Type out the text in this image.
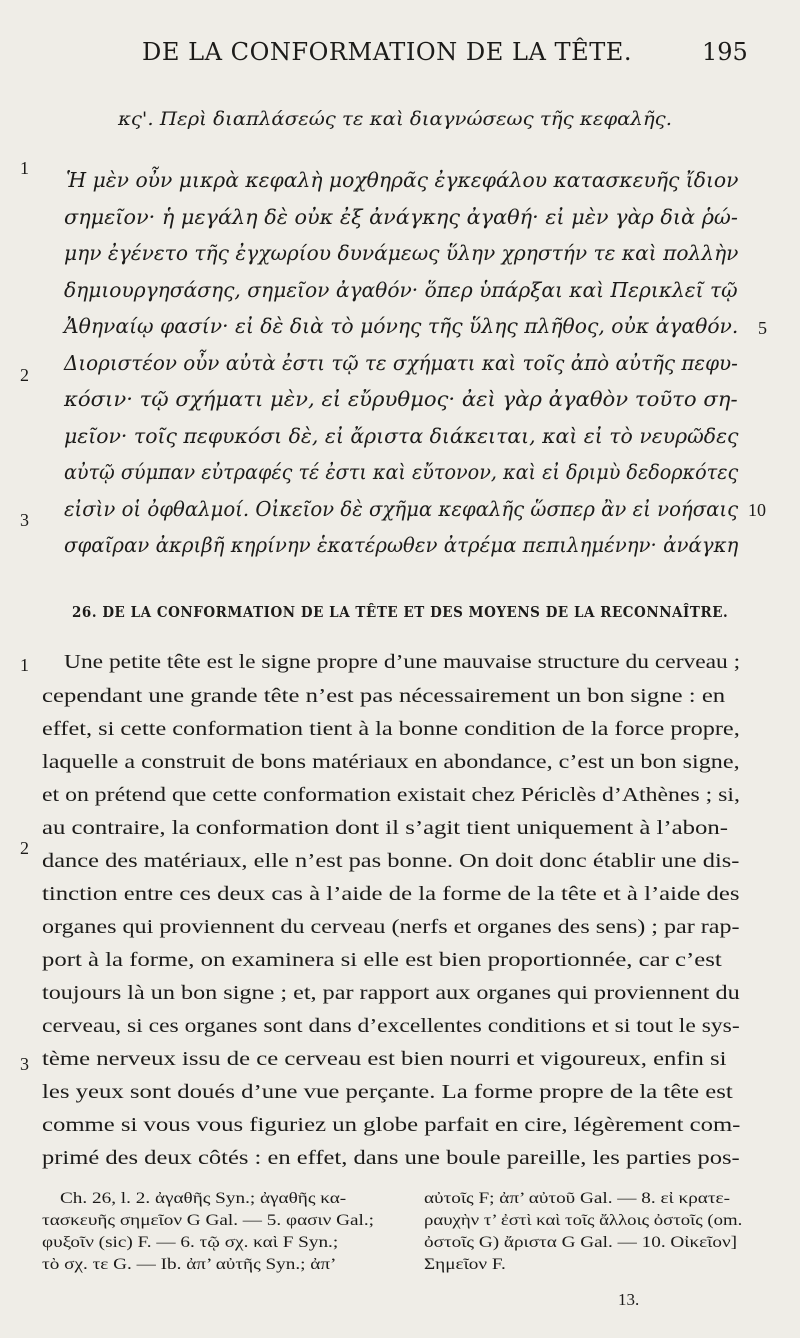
DE LA CONFORMATION DE LA TÊTE.	195
κς'. Περὶ διαπλάσεώς τε καὶ διαγνώσεως τῆς κεφαλῆς.
Ἡ μὲν οὖν μικρὰ κεφαλὴ μοχθηρᾶς ἐγκεφάλου κατασκευῆς ἴδιον
σημεῖον· ἡ μεγάλη δὲ οὐκ ἐξ ἀνάγκης ἀγαθή· εἰ μὲν γὰρ διὰ ῥώ-
μην ἐγένετο τῆς ἐγχωρίου δυνάμεως ὕλην χρηστήν τε καὶ πολλὴν
δημιουργησάσης, σημεῖον ἀγαθόν· ὅπερ ὑπάρξαι καὶ Περικλεῖ τῷ
Ἀθηναίῳ φασίν· εἰ δὲ διὰ τὸ μόνης τῆς ὕλης πλῆθος, οὐκ ἀγαθόν.
Διοριστέον οὖν αὐτὰ ἐστι τῷ τε σχήματι καὶ τοῖς ἀπὸ αὐτῆς πεφυ-
κόσιν· τῷ σχήματι μὲν, εἰ εὔρυθμος· ἀεὶ γὰρ ἀγαθὸν τοῦτο ση-
μεῖον· τοῖς πεφυκόσι δὲ, εἰ ἄριστα διάκειται, καὶ εἰ τὸ νευρῶδες
αὐτῷ σύμπαν εὐτραφές τέ ἐστι καὶ εὔτονον, καὶ εἰ δριμὺ δεδορκότες
εἰσὶν οἱ ὀφθαλμοί. Οἰκεῖον δὲ σχῆμα κεφαλῆς ὥσπερ ἂν εἰ νοήσαις
σφαῖραν ἀκριβῆ κηρίνην ἑκατέρωθεν ἀτρέμα πεπιλημένην· ἀνάγκη
1
2
3
5
10
26. DE LA CONFORMATION DE LA TÊTE ET DES MOYENS DE LA RECONNAÎTRE.
Une petite tête est le signe propre d’une mauvaise structure du cerveau ;
cependant une grande tête n’est pas nécessairement un bon signe : en
effet, si cette conformation tient à la bonne condition de la force propre,
laquelle a construit de bons matériaux en abondance, c’est un bon signe,
et on prétend que cette conformation existait chez Périclès d’Athènes ; si,
au contraire, la conformation dont il s’agit tient uniquement à l’abon-
dance des matériaux, elle n’est pas bonne. On doit donc établir une dis-
tinction entre ces deux cas à l’aide de la forme de la tête et à l’aide des
organes qui proviennent du cerveau (nerfs et organes des sens) ; par rap-
port à la forme, on examinera si elle est bien proportionnée, car c’est
toujours là un bon signe ; et, par rapport aux organes qui proviennent du
cerveau, si ces organes sont dans d’excellentes conditions et si tout le sys-
tème nerveux issu de ce cerveau est bien nourri et vigoureux, enfin si
les yeux sont doués d’une vue perçante. La forme propre de la tête est
comme si vous vous figuriez un globe parfait en cire, légèrement com-
primé des deux côtés : en effet, dans une boule pareille, les parties pos-
1
2
3
Ch. 26, l. 2. ἀγαθῆς Syn.; ἀγαθῆς κα-
τασκευῆς σημεῖον G Gal. — 5. φασιν Gal.;
φυξοῖν (sic) F. — 6. τῷ σχ. καὶ F Syn.;
τὸ σχ. τε G. — Ib. ἀπ’ αὐτῆς Syn.; ἀπ’
αὐτοῖς F; ἀπ’ αὐτοῦ Gal. — 8. εἰ κρατε-
ραυχὴν τ’ ἐστὶ καὶ τοῖς ἄλλοις ὀστοῖς (om.
ὀστοῖς G) ἄριστα G Gal. — 10. Οἰκεῖον]
Σημεῖον F.
13.
